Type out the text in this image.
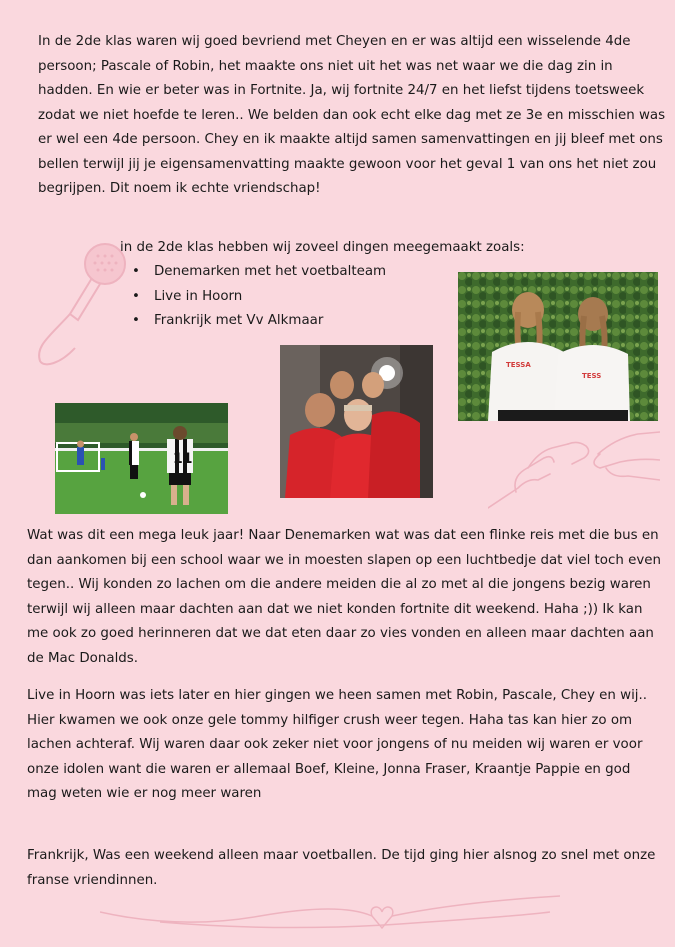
In de 2de klas waren wij goed bevriend met Cheyen en er was altijd een wisselende 4de persoon; Pascale of Robin, het maakte ons niet uit het was net waar we die dag zin in hadden. En wie er beter was in Fortnite. Ja, wij fortnite 24/7 en het liefst tijdens toetsweek zodat we niet hoefde te leren.. We belden dan ook echt elke dag met ze 3e en misschien was er wel een 4de persoon. Chey en ik maakte altijd samen samenvattingen en jij bleef met ons bellen terwijl jij je eigensamenvatting maakte gewoon voor het geval 1 van ons het niet zou begrijpen. Dit noem ik echte vriendschap!

in de 2de klas hebben wij zoveel dingen meegemaakt zoals:
• Denemarken met het voetbalteam
• Live in Hoorn
• Frankrijk met Vv Alkmaar
TESSA
TESS
11

Wat was dit een mega leuk jaar! Naar Denemarken wat was dat een flinke reis met die bus en dan aankomen bij een school waar we in moesten slapen op een luchtbedje dat viel toch even tegen.. Wij konden zo lachen om die andere meiden die al zo met al die jongens bezig waren terwijl wij alleen maar dachten aan dat we niet konden fortnite dit weekend. Haha ;)) Ik kan me ook zo goed herinneren dat we dat eten daar zo vies vonden en alleen maar dachten aan de Mac Donalds.

Live in Hoorn was iets later en hier gingen we heen samen met Robin, Pascale, Chey en wij.. Hier kwamen we ook onze gele tommy hilfiger crush weer tegen. Haha tas kan hier zo om lachen achteraf. Wij waren daar ook zeker niet voor jongens of nu meiden wij waren er voor onze idolen want die waren er allemaal Boef, Kleine, Jonna Fraser, Kraantje Pappie en god mag weten wie er nog meer waren

Frankrijk, Was een weekend alleen maar voetballen. De tijd ging hier alsnog zo snel met onze franse vriendinnen.
